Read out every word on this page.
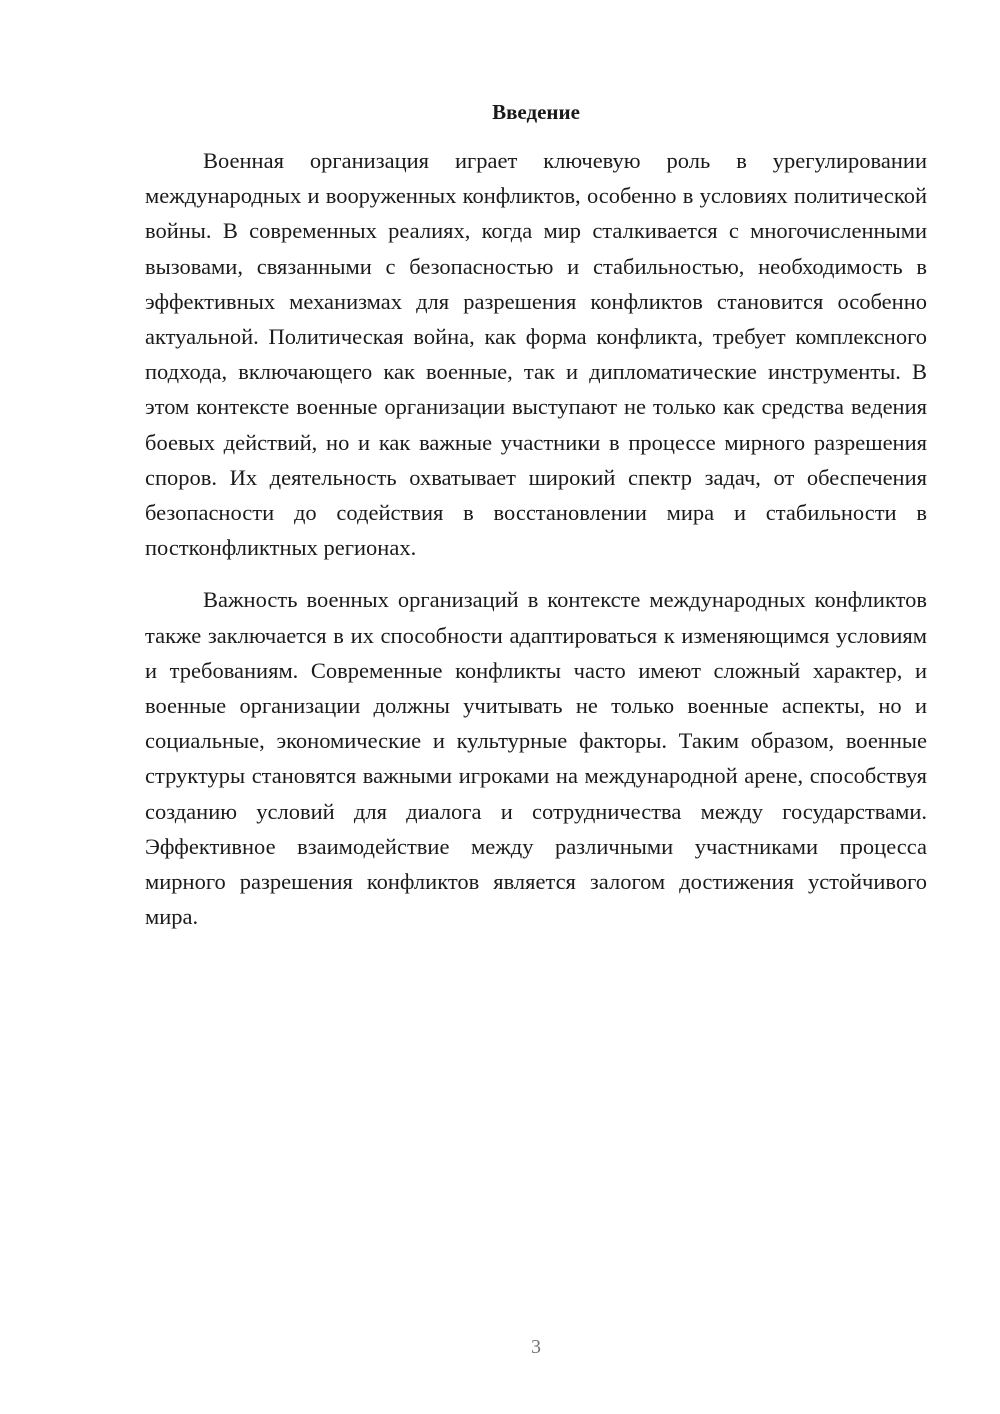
Введение

Военная организация играет ключевую роль в урегулировании международных и вооруженных конфликтов, особенно в условиях политической войны. В современных реалиях, когда мир сталкивается с многочисленными вызовами, связанными с безопасностью и стабильностью, необходимость в эффективных механизмах для разрешения конфликтов становится особенно актуальной. Политическая война, как форма конфликта, требует комплексного подхода, включающего как военные, так и дипломатические инструменты. В этом контексте военные организации выступают не только как средства ведения боевых действий, но и как важные участники в процессе мирного разрешения споров. Их деятельность охватывает широкий спектр задач, от обеспечения безопасности до содействия в восстановлении мира и стабильности в постконфликтных регионах.

Важность военных организаций в контексте международных конфликтов также заключается в их способности адаптироваться к изменяющимся условиям и требованиям. Современные конфликты часто имеют сложный характер, и военные организации должны учитывать не только военные аспекты, но и социальные, экономические и культурные факторы. Таким образом, военные структуры становятся важными игроками на международной арене, способствуя созданию условий для диалога и сотрудничества между государствами. Эффективное взаимодействие между различными участниками процесса мирного разрешения конфликтов является залогом достижения устойчивого мира.

3
